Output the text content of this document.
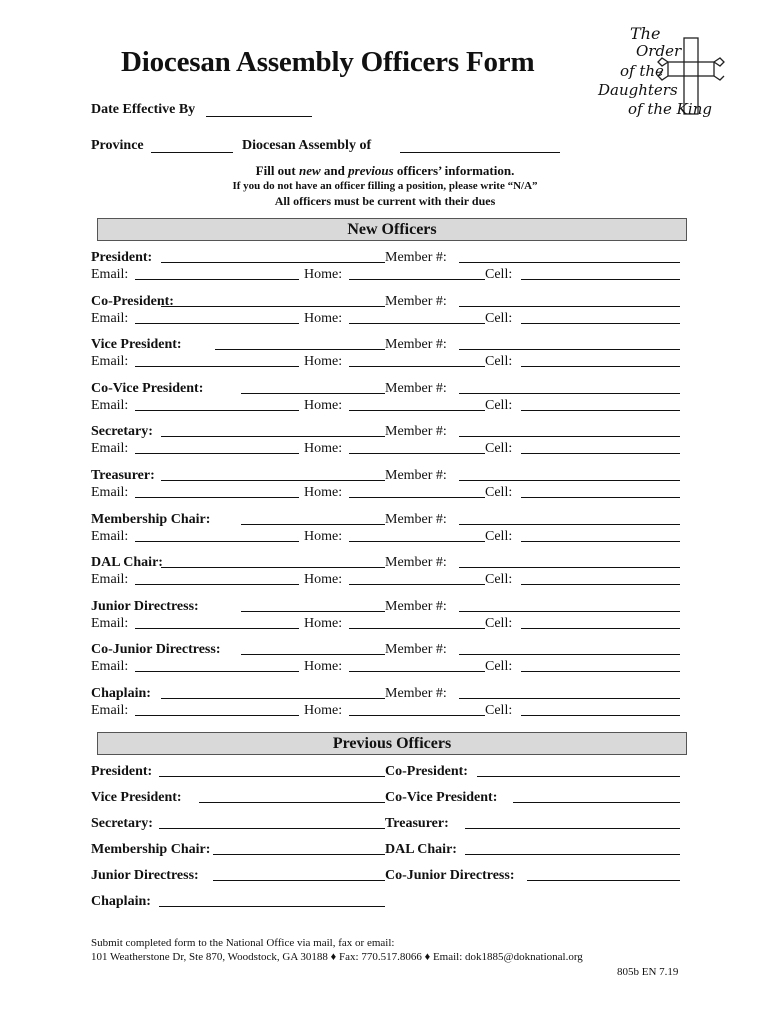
Diocesan Assembly Officers Form
The
Order
of the
Daughters
of the King
Date Effective By
Province	Diocesan Assembly of
Fill out new and previous officers’ information.
If you do not have an officer filling a position, please write “N/A”
All officers must be current with their dues
New Officers
President:	Member #:
Email:	Home:	Cell:
Co-President:	Member #:
Email:	Home:	Cell:
Vice President:	Member #:
Email:	Home:	Cell:
Co-Vice President:	Member #:
Email:	Home:	Cell:
Secretary:	Member #:
Email:	Home:	Cell:
Treasurer:	Member #:
Email:	Home:	Cell:
Membership Chair:	Member #:
Email:	Home:	Cell:
DAL Chair:	Member #:
Email:	Home:	Cell:
Junior Directress:	Member #:
Email:	Home:	Cell:
Co-Junior Directress:	Member #:
Email:	Home:	Cell:
Chaplain:	Member #:
Email:	Home:	Cell:
Previous Officers
President:	Co-President:
Vice President:	Co-Vice President:
Secretary:	Treasurer:
Membership Chair:	DAL Chair:
Junior Directress:	Co-Junior Directress:
Chaplain:
Submit completed form to the National Office via mail, fax or email:
101 Weatherstone Dr, Ste 870, Woodstock, GA 30188 ♦ Fax: 770.517.8066 ♦ Email: dok1885@doknational.org
805b EN 7.19
